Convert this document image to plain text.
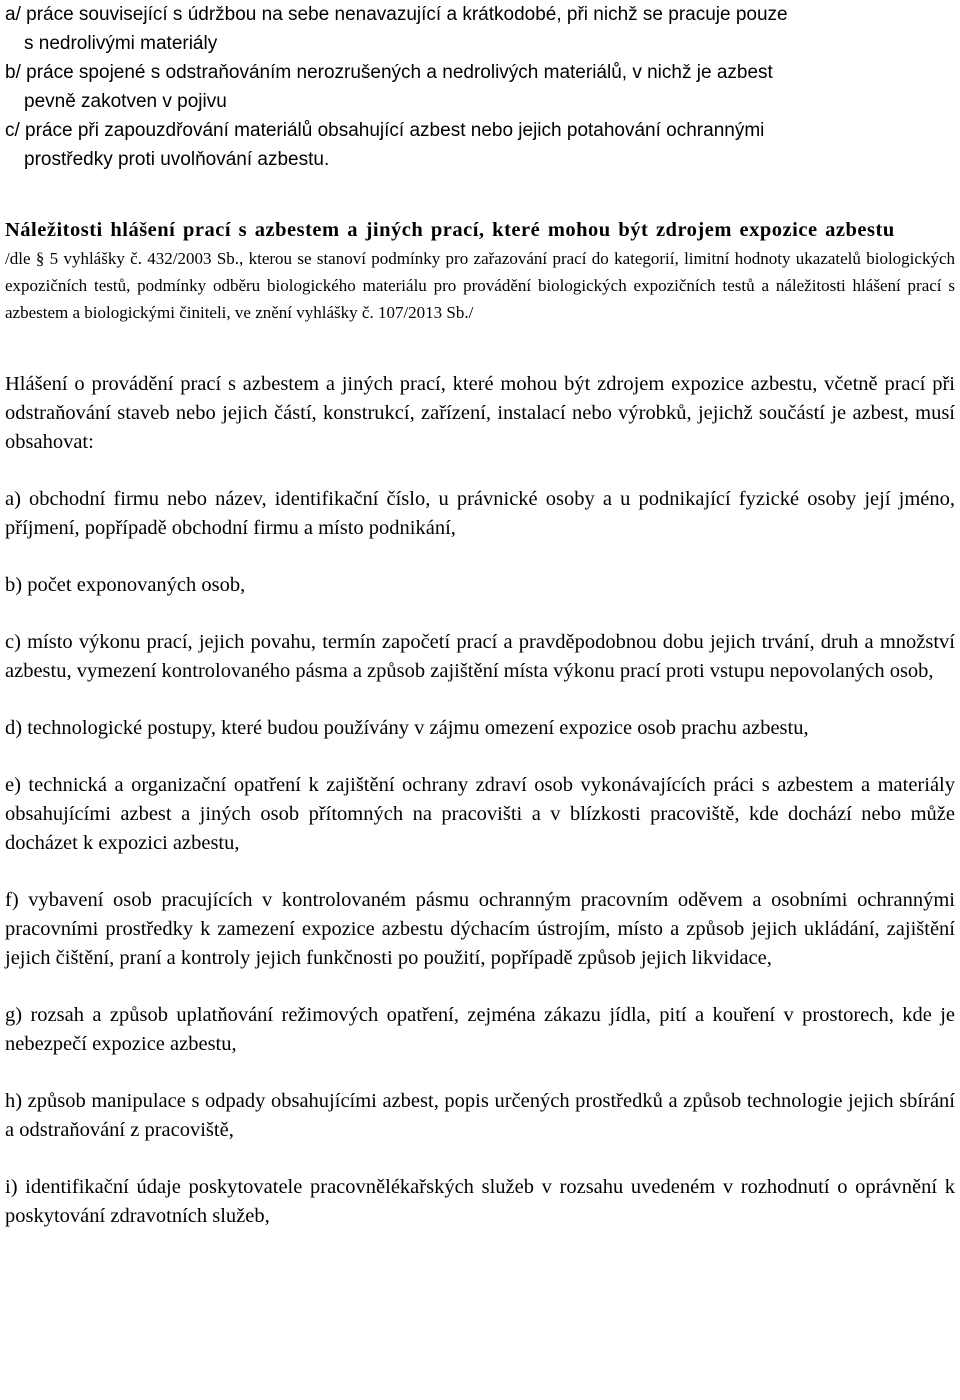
a/ práce související s údržbou na sebe nenavazující a krátkodobé, při nichž se pracuje pouze
s nedrolivými materiály
b/ práce spojené s odstraňováním nerozrušených a nedrolivých materiálů, v nichž je azbest
pevně zakotven v pojivu
c/ práce při zapouzdřování materiálů obsahující azbest nebo jejich potahování ochrannými
prostředky proti uvolňování azbestu.
Náležitosti hlášení prací s azbestem a jiných prací, které mohou být zdrojem expozice azbestu

/dle § 5 vyhlášky č. 432/2003 Sb., kterou se stanoví podmínky pro zařazování prací do kategorií, limitní hodnoty ukazatelů biologických expozičních testů, podmínky odběru biologického materiálu pro provádění biologických expozičních testů a náležitosti hlášení prací s azbestem a biologickými činiteli, ve znění vyhlášky č. 107/2013 Sb./

Hlášení o provádění prací s azbestem a jiných prací, které mohou být zdrojem expozice azbestu, včetně prací při odstraňování staveb nebo jejich částí, konstrukcí, zařízení, instalací nebo výrobků, jejichž součástí je azbest, musí obsahovat:

a) obchodní firmu nebo název, identifikační číslo, u právnické osoby a u podnikající fyzické osoby její jméno, příjmení, popřípadě obchodní firmu a místo podnikání,

b) počet exponovaných osob,

c) místo výkonu prací, jejich povahu, termín započetí prací a pravděpodobnou dobu jejich trvání, druh a množství azbestu, vymezení kontrolovaného pásma a způsob zajištění místa výkonu prací proti vstupu nepovolaných osob,

d) technologické postupy, které budou používány v zájmu omezení expozice osob prachu azbestu,

e) technická a organizační opatření k zajištění ochrany zdraví osob vykonávajících práci s azbestem a materiály obsahujícími azbest a jiných osob přítomných na pracovišti a v blízkosti pracoviště, kde dochází nebo může docházet k expozici azbestu,

f) vybavení osob pracujících v kontrolovaném pásmu ochranným pracovním oděvem a osobními ochrannými pracovními prostředky k zamezení expozice azbestu dýchacím ústrojím, místo a způsob jejich ukládání, zajištění jejich čištění, praní a kontroly jejich funkčnosti po použití, popřípadě způsob jejich likvidace,

g) rozsah a způsob uplatňování režimových opatření, zejména zákazu jídla, pití a kouření v prostorech, kde je nebezpečí expozice azbestu,

h) způsob manipulace s odpady obsahujícími azbest, popis určených prostředků a způsob technologie jejich sbírání a odstraňování z pracoviště,

i) identifikační údaje poskytovatele pracovnělékařských služeb v rozsahu uvedeném v rozhodnutí o oprávnění k poskytování zdravotních služeb,
